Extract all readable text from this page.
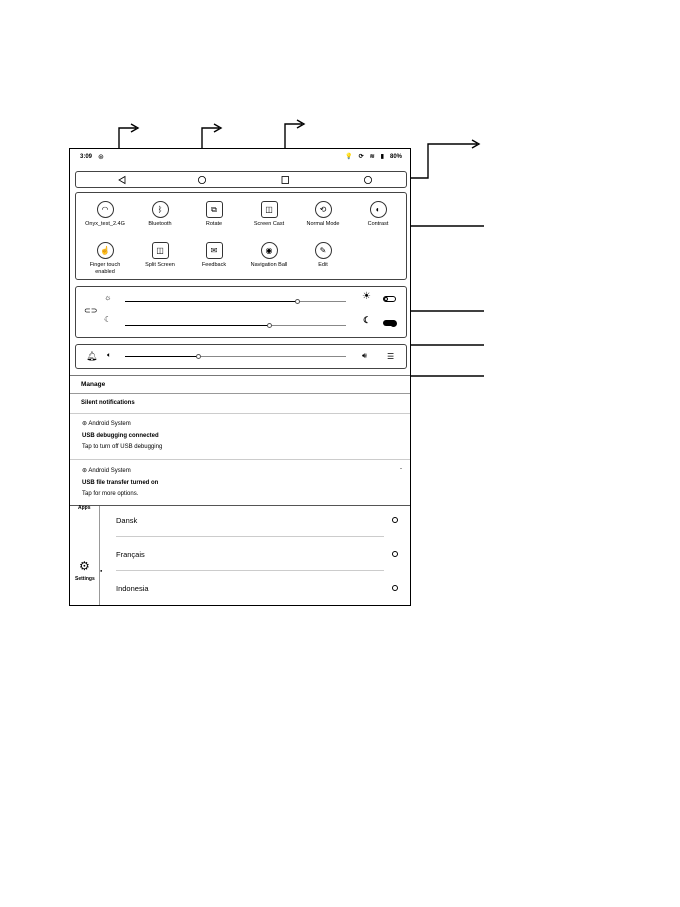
3:09 ⊛	💡 ⟳ ≋ ▮ 80%
◠
Onyx_test_2.4G
ᛒ
Bluetooth
⧉
Rotate
◫
Screen Cast
⟲
Normal Mode
◐
Contrast
☝
Finger touch
enabled
◫
Split Screen
✉
Feedback
◉
Navigation Ball
✎
Edit
⊂⊃
☼
☾
☀
☾
🔔︎ 🔈︎	🔊︎ ☰
Manage
Silent notifications
⊛ Android System
USB debugging connected
Tap to turn off USB debugging
⊛ Android System	-
USB file transfer turned on
Tap for more options.
Apps
⚙
Settings
●
Dansk
Français
Indonesia
